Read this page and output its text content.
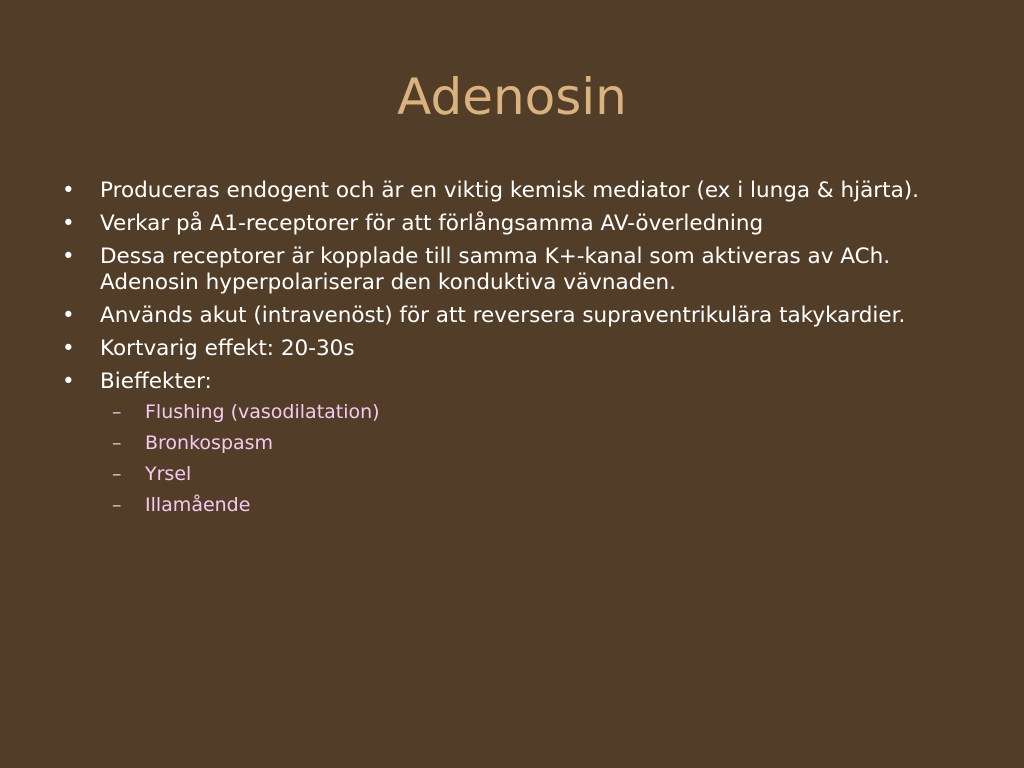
Adenosin
• Produceras endogent och är en viktig kemisk mediator (ex i lunga & hjärta).
• Verkar på A1-receptorer för att förlångsamma AV-överledning
• Dessa receptorer är kopplade till samma K+-kanal som aktiveras av ACh. Adenosin hyperpolariserar den konduktiva vävnaden.
• Används akut (intravenöst) för att reversera supraventrikulära takykardier.
• Kortvarig effekt: 20-30s
• Bieffekter:
– Flushing (vasodilatation)
– Bronkospasm
– Yrsel
– Illamående
